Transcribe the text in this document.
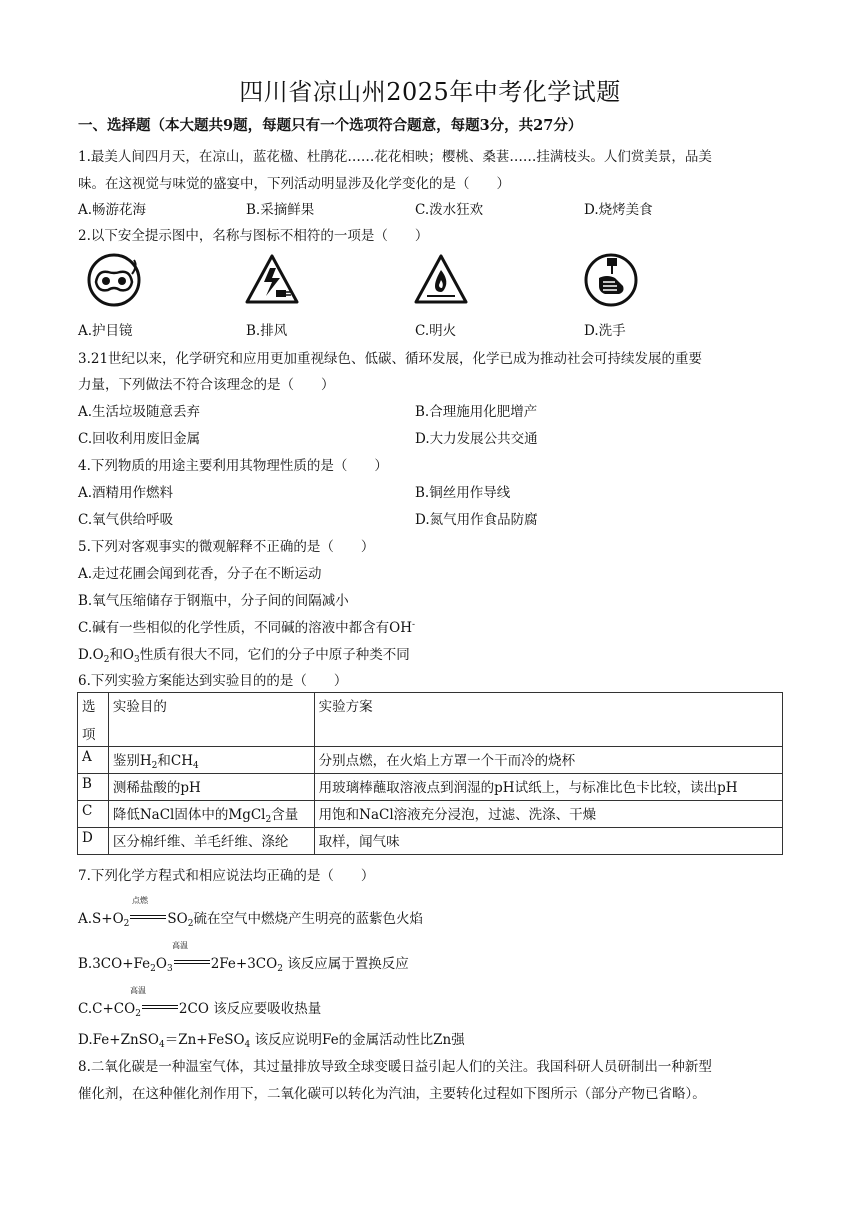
四川省凉山州2025年中考化学试题
一、选择题（本大题共9题，每题只有一个选项符合题意，每题3分，共27分）
1.最美人间四月天，在凉山，蓝花楹、杜鹃花……花花相映；樱桃、桑葚……挂满枝头。人们赏美景，品美
味。在这视觉与味觉的盛宴中，下列活动明显涉及化学变化的是（　　）
A.畅游花海	B.采摘鲜果	C.泼水狂欢	D.烧烤美食
2.以下安全提示图中，名称与图标不相符的一项是（　　）
A.护目镜	B.排风	C.明火	D.洗手
3.21世纪以来，化学研究和应用更加重视绿色、低碳、循环发展，化学已成为推动社会可持续发展的重要
力量，下列做法不符合该理念的是（　　）
A.生活垃圾随意丢弃	B.合理施用化肥增产
C.回收利用废旧金属	D.大力发展公共交通
4.下列物质的用途主要利用其物理性质的是（　　）
A.酒精用作燃料	B.铜丝用作导线
C.氧气供给呼吸	D.氮气用作食品防腐
5.下列对客观事实的微观解释不正确的是（　　）
A.走过花圃会闻到花香，分子在不断运动
B.氧气压缩储存于钢瓶中，分子间的间隔减小
C.碱有一些相似的化学性质，不同碱的溶液中都含有OH-
$D.O_2$和$O_3$性质有很大不同，它们的分子中原子种类不同
6.下列实验方案能达到实验目的的是（　　）
选
项	实验目的	实验方案
A	鉴别$H_2$和$CH_4$	分别点燃，在火焰上方罩一个干而冷的烧杯
B	测稀盐酸的pH	用玻璃棒蘸取溶液点到润湿的pH试纸上，与标准比色卡比较，读出pH
C	降低NaCl固体中的MgCl$_2$含量	用饱和NaCl溶液充分浸泡，过滤、洗涤、干燥
D	区分棉纤维、羊毛纤维、涤纶	取样，闻气味
7.下列化学方程式和相应说法均正确的是（　　）
点燃
$A.S+O_2$	$SO_2$硫在空气中燃烧产生明亮的蓝紫色火焰
高温
$B.3CO+Fe_2O_3$	$2Fe+3CO_2$ 该反应属于置换反应
高温
$C.C+CO_2$	2CO 该反应要吸收热量
D.Fe+ZnSO$_4$＝Zn+FeSO$_4$ 该反应说明Fe的金属活动性比Zn强
8.二氧化碳是一种温室气体，其过量排放导致全球变暖日益引起人们的关注。我国科研人员研制出一种新型
催化剂，在这种催化剂作用下，二氧化碳可以转化为汽油，主要转化过程如下图所示（部分产物已省略）。
